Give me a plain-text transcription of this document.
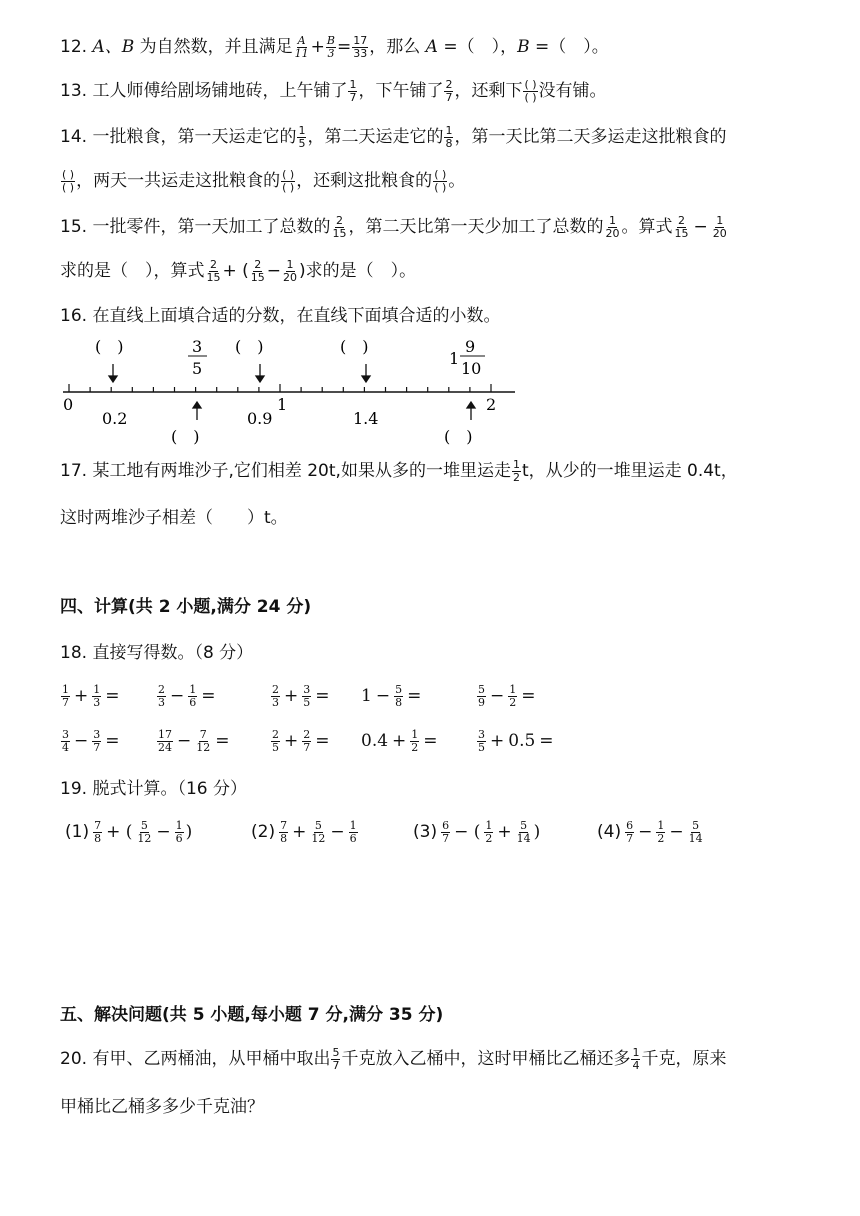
12. A、B 为自然数，并且满足 $\frac{A}{11} + \frac{B}{3} = \frac{17}{33}$ ，那么 A =（　），B =（　）。
13. 工人师傅给剧场铺地砖，上午铺了 $\frac{1}{7}$ ，下午铺了 $\frac{2}{7}$ ，还剩下 $\frac{( )}{( )}$ 没有铺。
14. 一批粮食，第一天运走它的 $\frac{1}{5}$ ，第二天运走它的 $\frac{1}{8}$ ，第一天比第二天多运走这批粮食的
$\frac{( )}{( )}$ ，两天一共运走这批粮食的 $\frac{( )}{( )}$ ，还剩这批粮食的 $\frac{( )}{( )}$ 。
15. 一批零件，第一天加工了总数的 $\frac{2}{15}$ ，第二天比第一天少加工了总数的 $\frac{1}{20}$ 。算式 $\frac{2}{15} - \frac{1}{20}$
求的是（　），算式 $\frac{2}{15}$ + ( $\frac{2}{15} - \frac{1}{20}$ )求的是（　）。
16. 在直线上面填合适的分数，在直线下面填合适的小数。
(　)	(　)	(　)
3
5
1
9
10
0
0.2	0.9
1
1.4
2
(　)	(　)
17. 某工地有两堆沙子,它们相差 20t,如果从多的一堆里运走 $\frac{1}{2}$ t，从少的一堆里运走 0.4t，
这时两堆沙子相差（　　）t。
四、计算(共 2 小题,满分 24 分)
18. 直接写得数。（8 分）
$\frac{1}{7} + \frac{1}{3}$ =	$\frac{2}{3} - \frac{1}{6}$ =	$\frac{2}{3} + \frac{3}{5} = 1 - \frac{5}{8}$ =	$\frac{5}{9} - \frac{1}{2}$ =
$\frac{3}{4} - \frac{3}{7}$ =	$\frac{17}{24} - \frac{7}{12}$ =	$\frac{2}{5} + \frac{2}{7} = 0.4 + \frac{1}{2}$ =	$\frac{3}{5} + 0.5$ =
19. 脱式计算。（16 分）
$(1) \frac{7}{8}$ + ( $\frac{5}{12} - \frac{1}{6}$ )	$(2) \frac{7}{8} + \frac{5}{12} - \frac{1}{6}$	$(3) \frac{6}{7}$ − ( $\frac{1}{2} + \frac{5}{14}$ )	$(4) \frac{6}{7} - \frac{1}{2} - \frac{5}{14}$
五、解决问题(共 5 小题,每小题 7 分,满分 35 分)
20. 有甲、乙两桶油，从甲桶中取出 $\frac{5}{7}$ 千克放入乙桶中，这时甲桶比乙桶还多 $\frac{1}{4}$ 千克，原来
甲桶比乙桶多多少千克油？
